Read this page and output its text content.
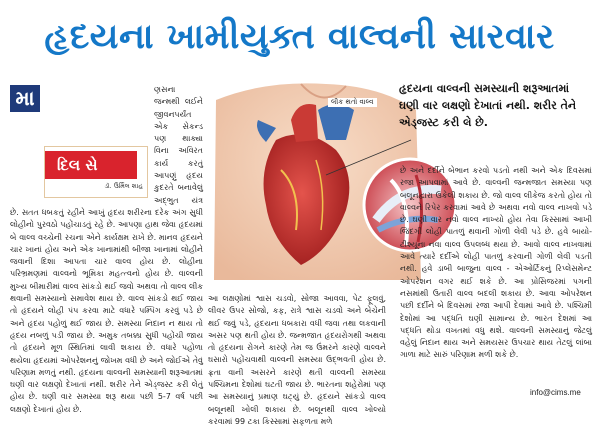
હૃદયના ખામીયુક્ત વાલ્વની સારવાર
મા
દિલ સે
ડૉ. ઉર્મિલ શાહ
ણસના જન્મથી લઈને જીવનપર્યંત એક સેકન્ડ પણ થાક્યા વિના અવિરત કાર્ય કરતું આપણું હૃદય કુદરતે બનાવેલું અદ્ભુત યંત્ર છે. સતત ધબકતું રહીને આખું હૃદય શરીરના દરેક અંગ સુધી લોહીનો પુરવઠો પહોંચાડતું રહે છે. આપણા હાથ જેવા હૃદયમાં બે વાલ્વ વચ્ચેની રચના એને કાર્યક્ષમ રાખે છે. માનવ હૃદયને ચાર ખાનાં હોય અને એક ખાનામાંથી બીજા ખાનામાં લોહીને જવાની દિશા આપતા ચાર વાલ્વ હોય છે. લોહીના પરિભ્રમણમાં વાલ્વનો ભૂમિકા મહત્ત્વનો હોય છે. વાલ્વની મુખ્ય બીમારીમાં વાલ્વ સાંકડો થઈ જવો અથવા તો વાલ્વ લીક થવાની સમસ્યાનો સમાવેશ થાય છે. વાલ્વ સાંકડો થઈ જાય તો હૃદયને લોહી પંપ કરવા માટે વધારે પમ્પિંગ કરવું પડે છે અને હૃદય પહોળું થઈ જાય છે. સમસ્યા નિદાન ન થાય તો હૃદય નબળું પડી જાય છે. અમુક તબક્કા સુધી પહોંચી જાય તો હૃદયને મૂળ સ્થિતિમાં લાવી શકાય છે. વધારે પહોળા થયેલા હૃદયમાં ઓપરેશનનું જોખમ વધી છે અને જોઈએ તેવું પરિણામ મળતું નથી. હૃદયના વાલ્વની સમસ્યાની શરૂઆતમાં ઘણી વાર લક્ષણો દેખાતાં નથી. શરીર તેને એડ્જસ્ટ કરી લેતું હોય છે. ઘણી વાર સમસ્યા શરૂ થયા પછી 5-7 વર્ષ પછી લક્ષણો દેખાતાં હોય છે.
લીક થતો વાલ્વ
આ લક્ષણોમાં શ્વાસ ચડવો, સોજા આવવા, પેટ ફૂલવું, લીવર ઉપર સોજો, કફ, રાત્રે શ્વાસ ચડવો અને બેચેની થઈ જવું પડે, હૃદયના ધબકારા વધી જવા તથા લકવાની અસર પણ થતી હોય છે. જન્મજાત હૃદયરોગથી અથવા તો હૃદયના રોગને કારણે તેમ જ ઉંમરને કારણે વાલ્વને ઘસારો પહોંચવાથી વાલ્વની સમસ્યા ઉદ્ભવતી હોય છે. ફ્રતા વાની અસરને કારણે થતી વાલ્વની સમસ્યા પશ્ચિમના દેશોમાં ઘટતી જાય છે. ભારતના શહેરોમાં પણ આ સમસ્યાનું પ્રમાણ ઘટ્યું છે. હૃદયને સાંકડો વાલ્વ બલૂનથી ખોલી શકાય છે. બલૂનથી વાલ્વ ખોલ્યો કરવામાં 99 ટકા કિસ્સામાં સફળતા મળે
હૃદયના વાલ્વની સમસ્યાની શરૂઆતમાં ઘણી વાર લક્ષણો દેખાતાં નથી. શરીર તેને એડ્જસ્ટ કરી લે છે.
છે અને દર્દીને બેભાન કરવો પડતો નથી અને એક દિવસમાં રજા આપવામાં આવે છે. વાલ્વની જન્મજાત સમસ્યા પણ બલૂનદ્વારા ઉકેલી શકાય છે. જો વાલ્વ લીકેજ કરતો હોય તો વાલ્વને રિપેર કરવામાં આવે છે અથવા નવો વાલ્વ નાખવો પડે છે. ઘણી વાર નવો વાલ્વ નાખ્યો હોય તેવા કિસ્સામાં આખી જિંદગી લોહી પાતળું થવાની ગોળી લેવી પડે છે. હવે બાયો-ટીશ્યૂના નવા વાલ્વ ઉપલબ્ધ થયા છે. આવો વાલ્વ નાખવામાં આવે ત્યારે દર્દીએ લોહી પાતળું કરવાની ગોળી લેવી પડતી નથી. હવે ડાબી બાજુના વાલ્વ - એઓર્ટિકનું રિપ્લેસમેન્ટ ઓપરેશન વગર થઈ શકે છે. આ પ્રોસિજરમાં પગની નસમાંથી ઉતારી વાલ્વ બદલી શકાય છે. આવા ઓપરેશન પછી દર્દીને બે દિવસમાં રજા આપી દેવામાં આવે છે. પશ્ચિમી દેશોમાં આ પદ્ધતિ ઘણી સામાન્ય છે. ભારત દેશમાં આ પદ્ધતિ થોડા વખતમાં વધુ થશે. વાલ્વની સમસ્યાનું જેટલું વહેલું નિદાન થાય અને સમયસર ઉપચાર થાય તેટલું લાંબા ગાળા માટે સારું પરિણામ મળી શકે છે.
info@cims.me
